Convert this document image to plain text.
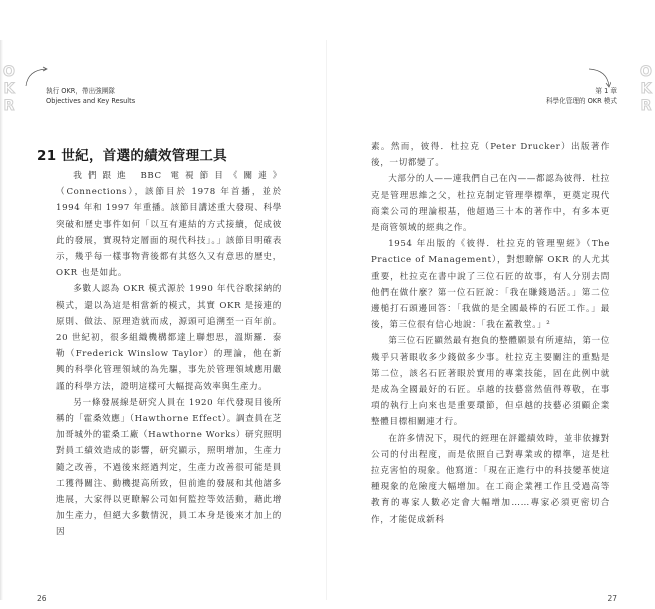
O
K
R
執行 OKR，帶出強團隊
Objectives and Key Results
21 世紀，首選的績效管理工具

我們跟進 BBC 電視節目《關連》（Connections），該節目於 1978 年首播，並於 1994 年和 1997 年重播。該節目講述重大發現、科學突破和歷史事件如何「以互有連結的方式接續，促成彼此的發展，實現特定層面的現代科技」。」該節目明確表示，幾乎每一樣事物背後都有其悠久又有意思的歷史，OKR 也是如此。

多數人認為 OKR 模式源於 1990 年代谷歌採納的模式，還以為這是相當新的模式，其實 OKR 是接連的原則、做法、原理造就而成，源頭可追溯至一百年前。20 世紀初，很多組織機構都達上聯想思，溫斯羅．泰勒（Frederick Winslow Taylor）的理論，他在新興的科學化管理領域的為先驅，事先於管理領域應用嚴謹的科學方法，證明這樣可大幅提高效率與生產力。

另一條發展線是研究人員在 1920 年代發現目後所稱的「霍桑效應」（Hawthorne Effect）。調查員在芝加哥城外的霍桑工廠（Hawthorne Works）研究照明對員工績效造成的影響，研究顯示，照明增加，生產力隨之改善，不過後來經過判定，生產力改善很可能是員工獲得關注、動機提高所致，但前進的發展和其他諸多進展，大家得以更瞭解公司如何監控等效活動，藉此增加生產力，但絕大多數情況，員工本身是後來才加上的因

26
O
K
R
第 1 章
科學化管理的 OKR 模式

素。然而，彼得．杜拉克（Peter Drucker）出版著作後，一切都變了。

大部分的人——連我們自己在內——都認為彼得．杜拉克是管理思維之父，杜拉克制定管理學標準，更奠定現代商業公司的理論根基，他超過三十本的著作中，有多本更是商管領域的經典之作。

1954 年出版的《彼得．杜拉克的管理聖經》（The Practice of Management），對想瞭解 OKR 的人尤其重要，杜拉克在書中說了三位石匠的故事，有人分別去問他們在做什麼？第一位石匠說：「我在賺錢過活。」第二位邊槌打石頭邊回答：「我做的是全國最棒的石匠工作。」最後，第三位很有信心地說：「我在蓋教堂。」²

第三位石匠顯然最有抱負的整體願景有所連結，第一位幾乎只著眼收多少錢做多少事。杜拉克主要關注的重點是第二位，該名石匠著眼於實用的專業技能，固在此例中就是成為全國最好的石匠。卓越的技藝當然值得尊敬，在事項的執行上向來也是重要環節，但卓越的技藝必須顧企業整體目標相關連才行。

在許多情況下，現代的經理在評鑑績效時，並非依據對公司的付出程度，而是依照自己對專業或的標準，這是杜拉克害怕的現象。他寫道：「現在正進行中的科技變革使這種現象的危險度大幅增加。在工商企業裡工作且受過高等教育的專家人數必定會大幅增加……專家必須更密切合作，才能促成新科

27
